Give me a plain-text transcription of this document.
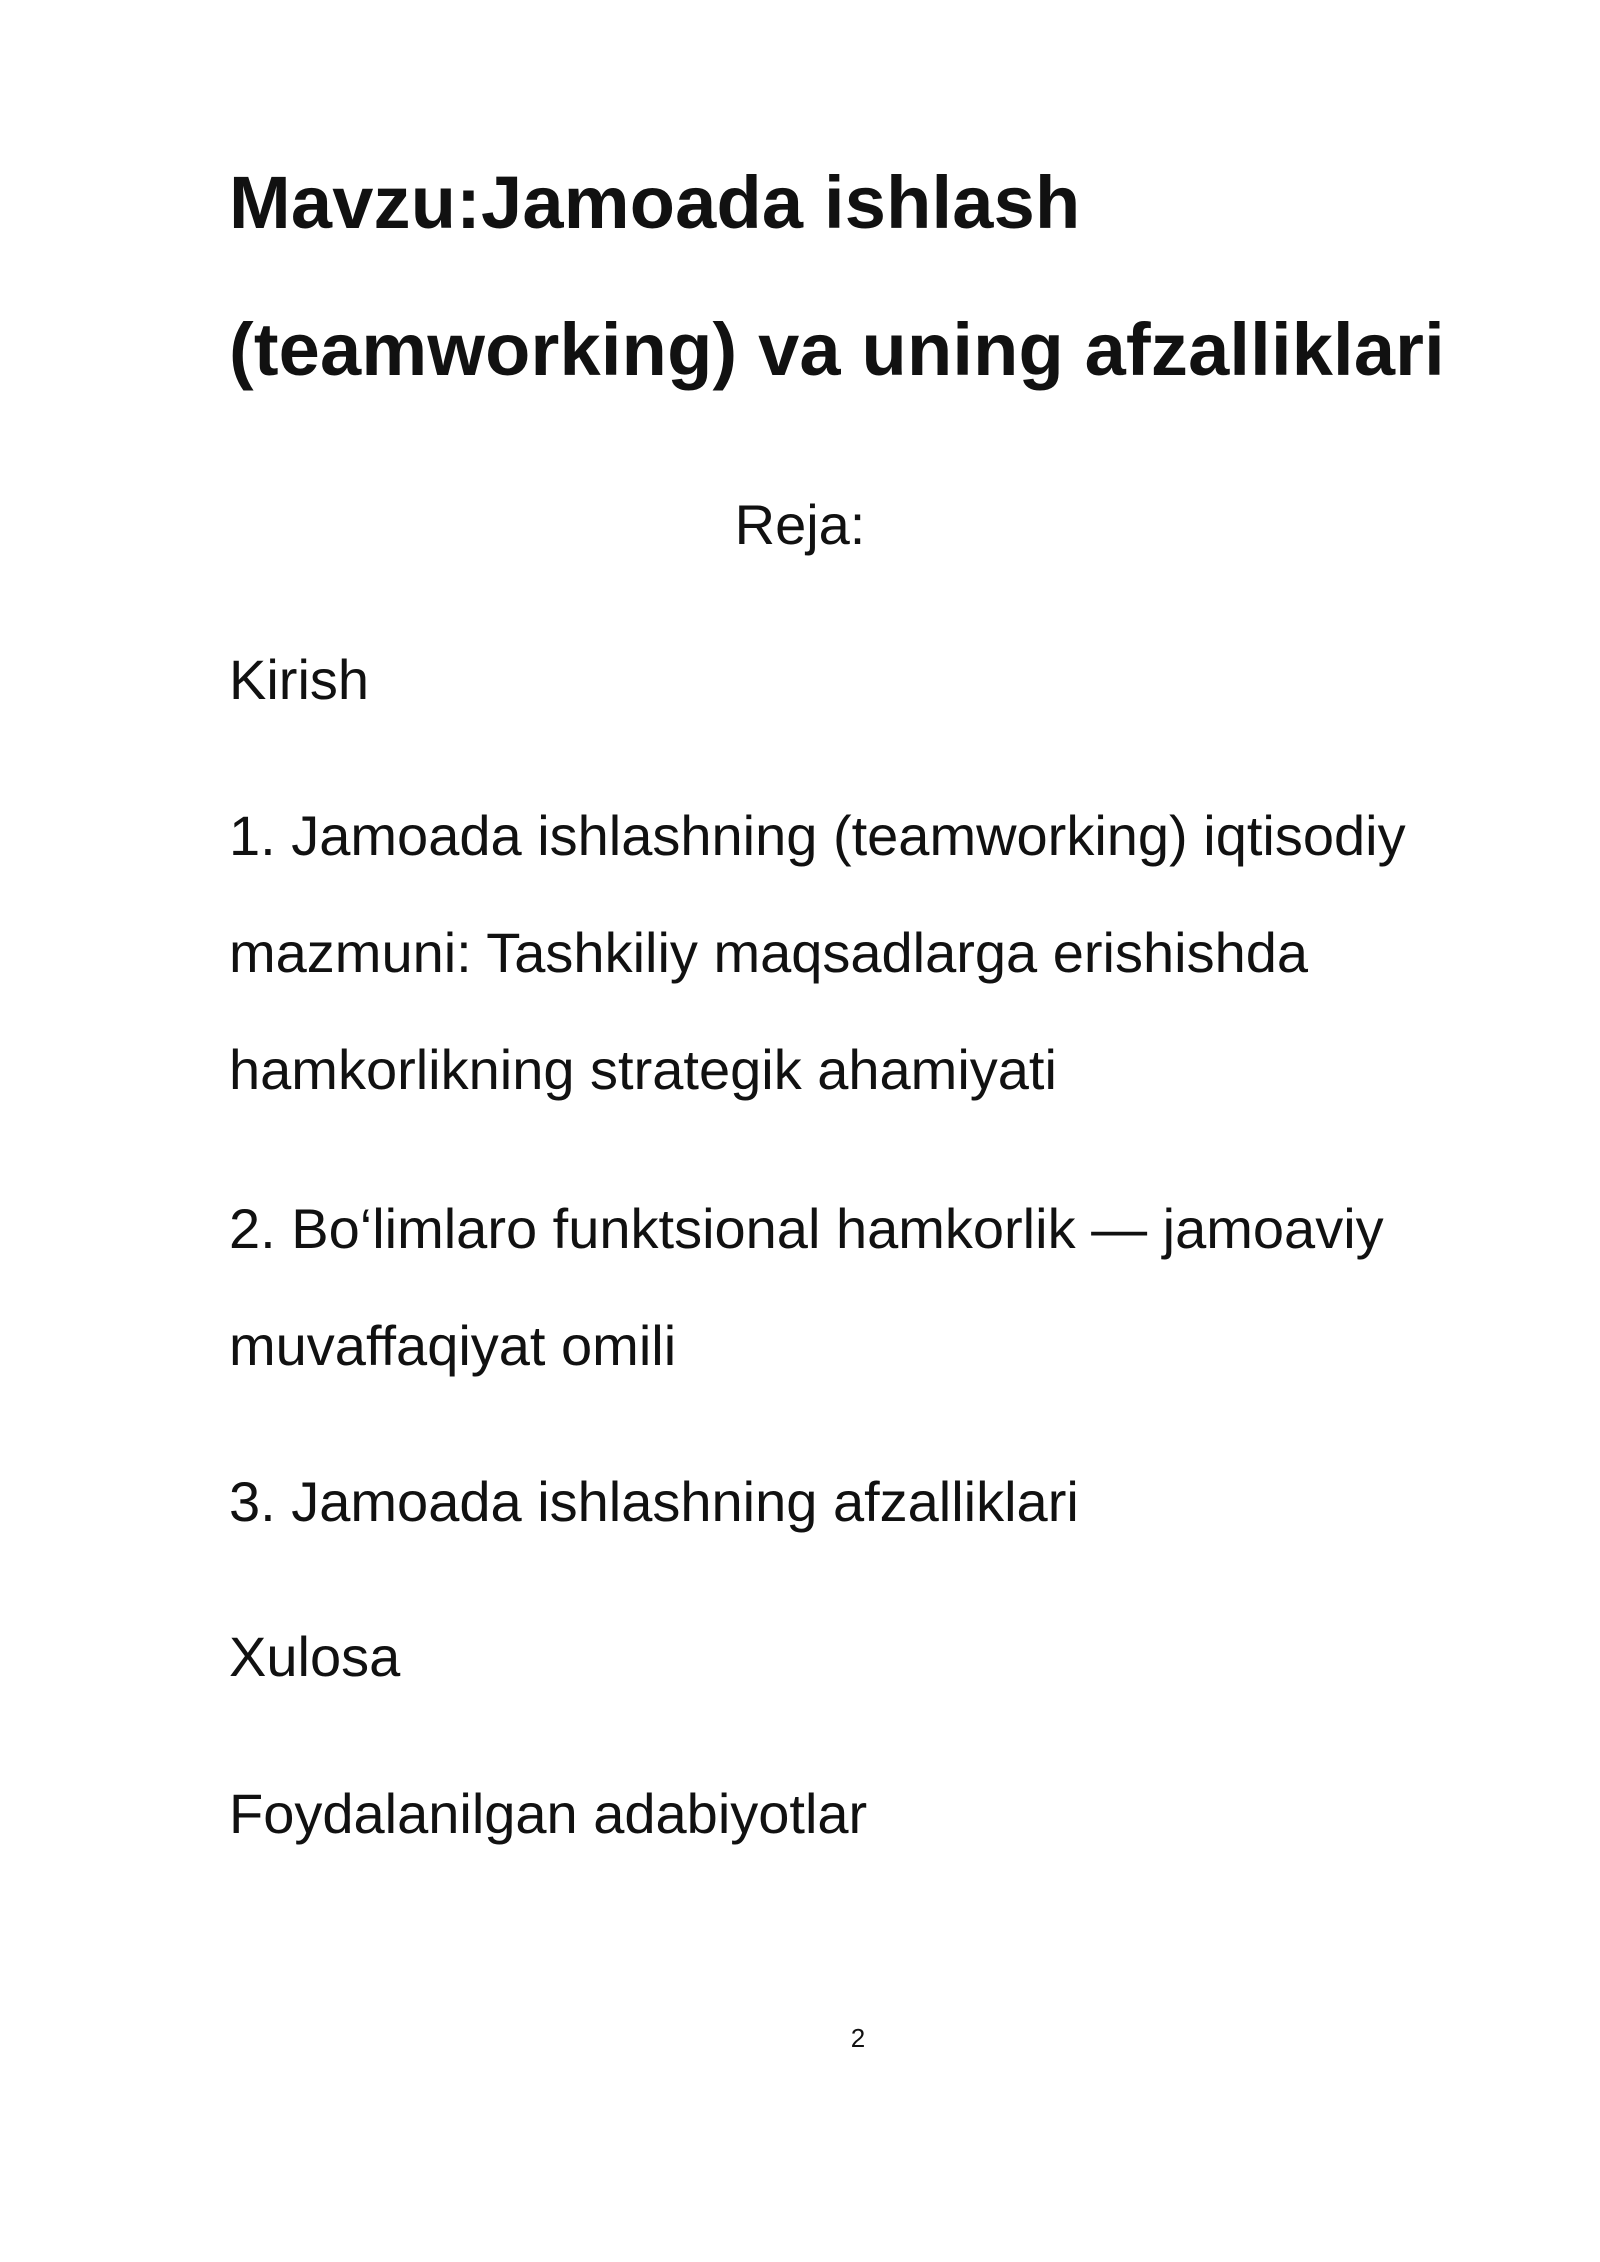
Mavzu:Jamoada ishlash
(teamworking) va uning afzalliklari
Reja:
Kirish
1. Jamoada ishlashning (teamworking) iqtisodiy
mazmuni: Tashkiliy maqsadlarga erishishda
hamkorlikning strategik ahamiyati
2. Bo‘limlaro funktsional hamkorlik — jamoaviy
muvaffaqiyat omili
3. Jamoada ishlashning afzalliklari
Xulosa
Foydalanilgan adabiyotlar
2
